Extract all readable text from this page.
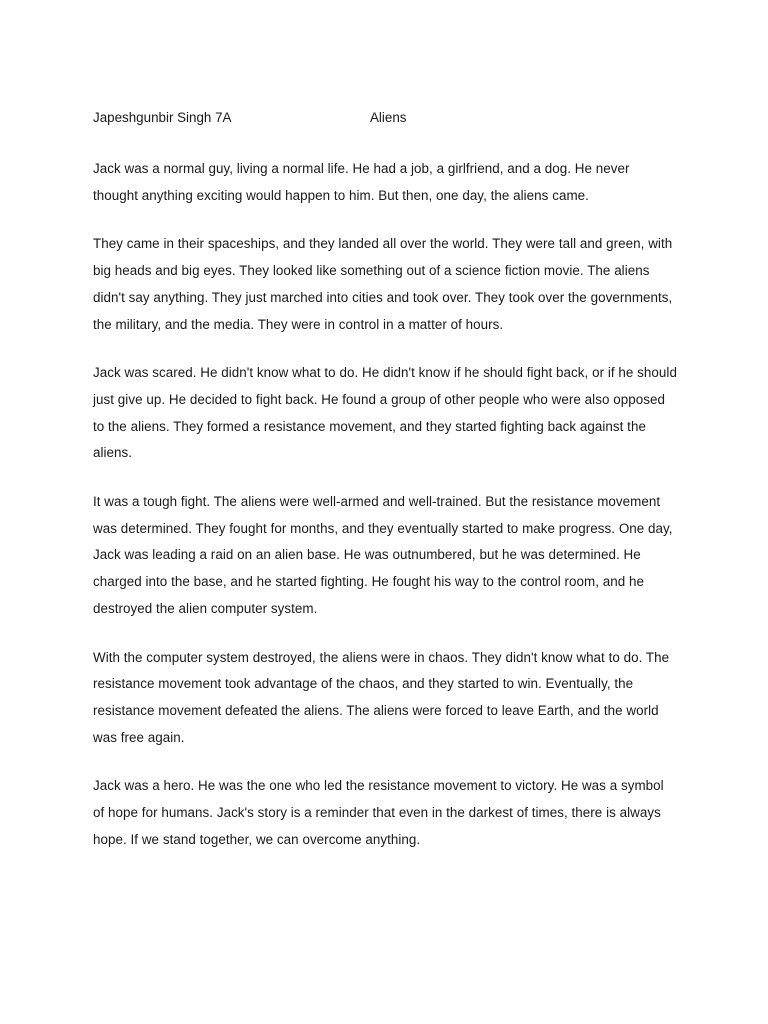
Japeshgunbir Singh 7A	Aliens

Jack was a normal guy, living a normal life. He had a job, a girlfriend, and a dog. He never thought anything exciting would happen to him. But then, one day, the aliens came.

They came in their spaceships, and they landed all over the world. They were tall and green, with big heads and big eyes. They looked like something out of a science fiction movie. The aliens didn't say anything. They just marched into cities and took over. They took over the governments, the military, and the media. They were in control in a matter of hours.

Jack was scared. He didn't know what to do. He didn't know if he should fight back, or if he should just give up. He decided to fight back. He found a group of other people who were also opposed to the aliens. They formed a resistance movement, and they started fighting back against the aliens.

It was a tough fight. The aliens were well-armed and well-trained. But the resistance movement was determined. They fought for months, and they eventually started to make progress. One day, Jack was leading a raid on an alien base. He was outnumbered, but he was determined. He charged into the base, and he started fighting. He fought his way to the control room, and he destroyed the alien computer system.

With the computer system destroyed, the aliens were in chaos. They didn't know what to do. The resistance movement took advantage of the chaos, and they started to win. Eventually, the resistance movement defeated the aliens. The aliens were forced to leave Earth, and the world was free again.

Jack was a hero. He was the one who led the resistance movement to victory. He was a symbol of hope for humans. Jack's story is a reminder that even in the darkest of times, there is always hope. If we stand together, we can overcome anything.
